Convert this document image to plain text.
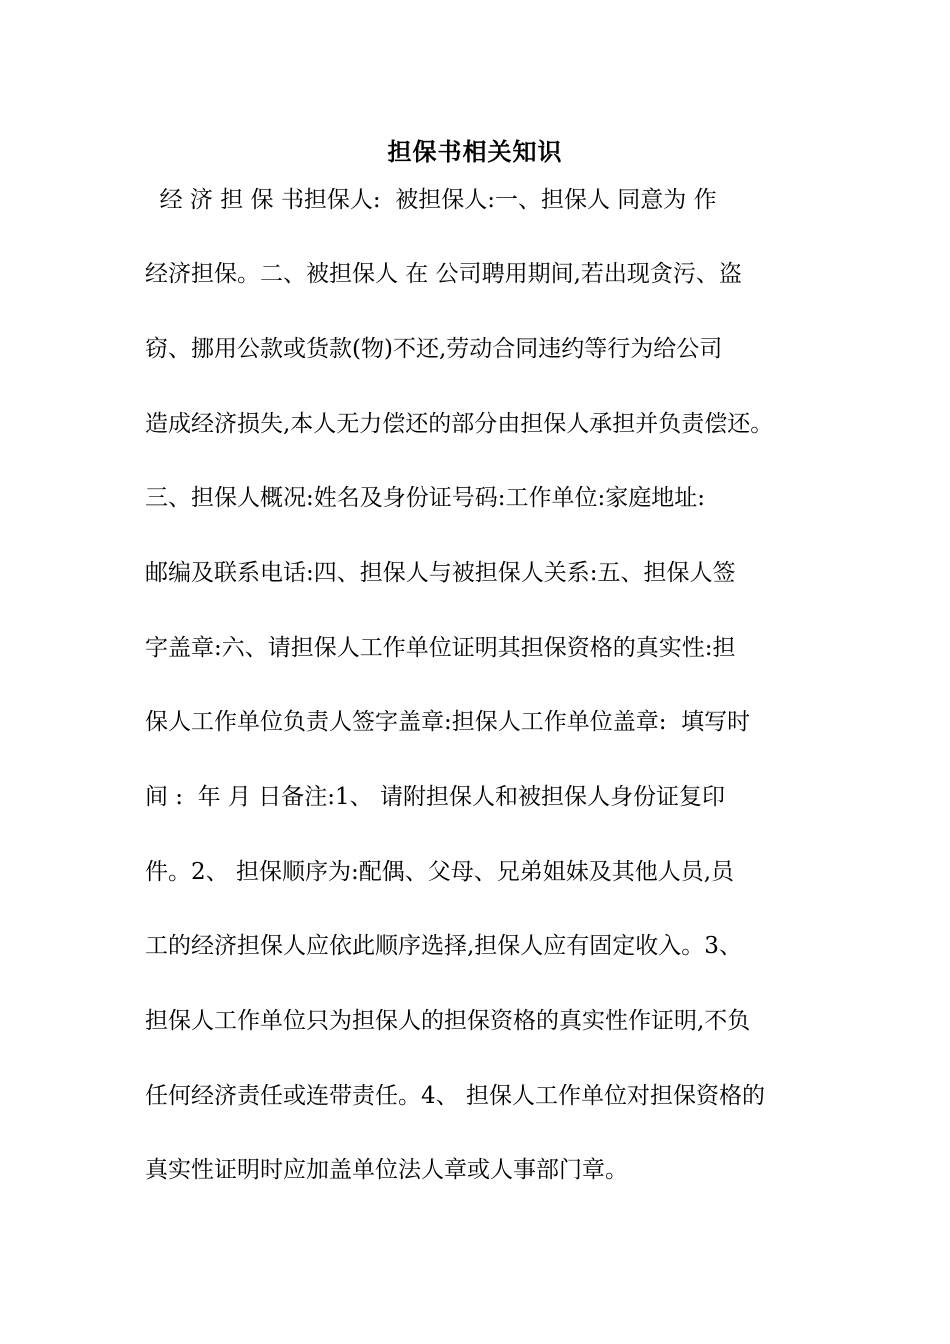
担保书相关知识
经 济 担 保 书担保人:  被担保人:一、担保人 同意为 作
经济担保。二、被担保人 在 公司聘用期间,若出现贪污、盗
窃、挪用公款或货款(物)不还,劳动合同违约等行为给公司
造成经济损失,本人无力偿还的部分由担保人承担并负责偿还。
三、担保人概况:姓名及身份证号码:工作单位:家庭地址:
邮编及联系电话:四、担保人与被担保人关系:五、担保人签
字盖章:六、请担保人工作单位证明其担保资格的真实性:担
保人工作单位负责人签字盖章:担保人工作单位盖章:  填写时
间 :  年 月 日备注:1、 请附担保人和被担保人身份证复印
件。2、 担保顺序为:配偶、父母、兄弟姐妹及其他人员,员
工的经济担保人应依此顺序选择,担保人应有固定收入。3、
担保人工作单位只为担保人的担保资格的真实性作证明,不负
任何经济责任或连带责任。4、 担保人工作单位对担保资格的
真实性证明时应加盖单位法人章或人事部门章。
